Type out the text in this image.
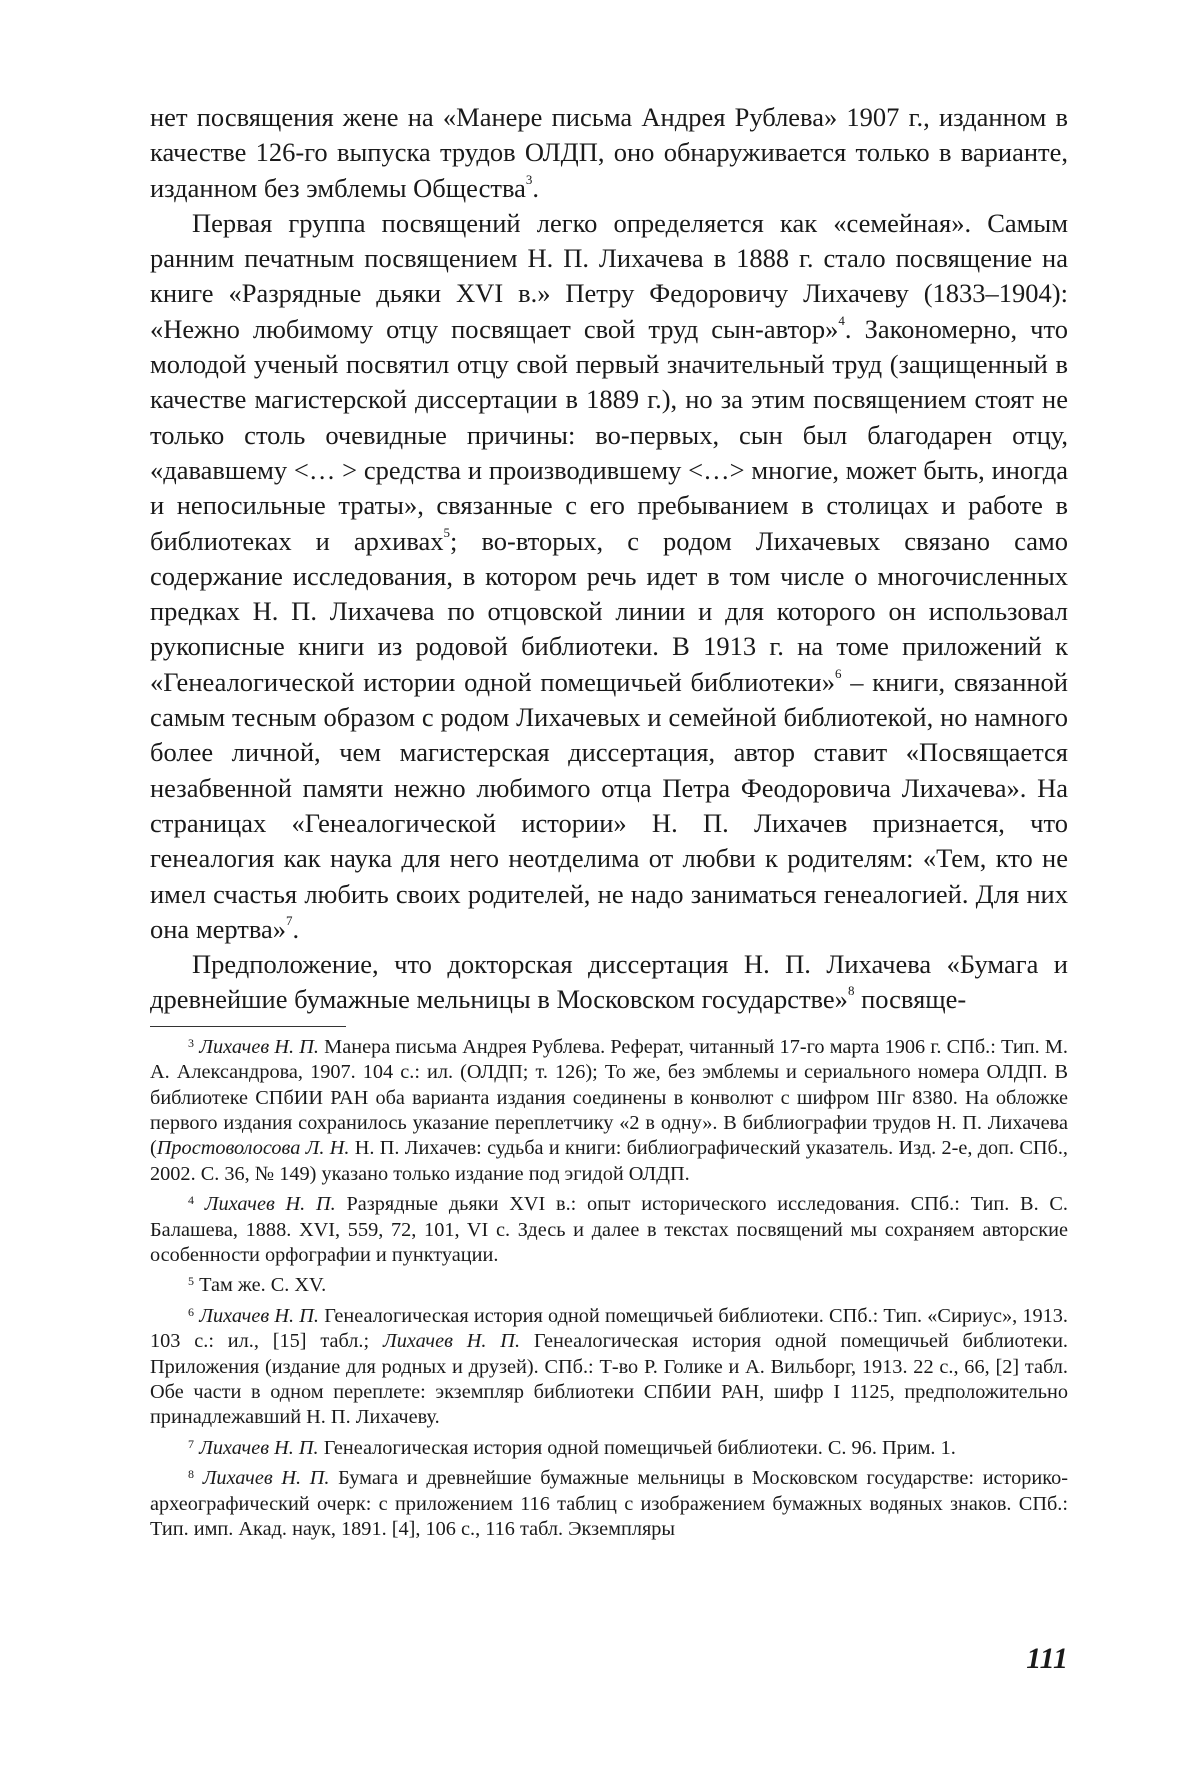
нет посвящения жене на «Манере письма Андрея Рублева» 1907 г., издан­ном в качестве 126-го выпуска трудов ОЛДП, оно обнаруживается только в варианте, изданном без эмблемы Общества3.

Первая группа посвящений легко определяется как «семейная». Самым ранним печатным посвящением Н. П. Лихачева в 1888 г. стало посвящение на книге «Разрядные дьяки XVI в.» Петру Федоровичу Лихачеву (1833–1904): «Нежно любимому отцу посвящает свой труд сын-автор»4. Закономерно, что молодой ученый посвятил отцу свой первый значительный труд (защищенный в качестве магистерской диссертации в 1889 г.), но за этим посвящением стоят не только столь очевидные причины: во-первых, сын был благодарен отцу, «дававшему <… > средства и производившему <…> многие, может быть, иногда и непосильные траты», связанные с его пребыванием в столицах и работе в библиотеках и архивах5; во-вторых, с родом Лихачевых связано само содержание исследования, в котором речь идет в том числе о многочисленных предках Н. П. Лихачева по отцовской линии и для которого он использовал рукописные книги из родовой библиотеки. В 1913 г. на томе приложений к «Генеалогической истории одной помещичьей библиотеки»6 – книги, связанной самым тесным образом с родом Лихачевых и семейной библиотекой, но намного более личной, чем магистерская диссертация, автор ставит «Посвящается незабвенной памяти нежно любимого отца Петра Феодоровича Лихачева». На страницах «Генеалогической истории» Н. П. Лихачев признается, что генеалогия как наука для него неотделима от любви к родителям: «Тем, кто не имел счастья любить своих родителей, не надо заниматься генеалогией. Для них она мертва»7.

Предположение, что докторская диссертация Н. П. Лихачева «Бумага и древнейшие бумажные мельницы в Московском государстве»8 посвяще-

3 Лихачев Н. П. Манера письма Андрея Рублева. Реферат, читанный 17-го марта 1906 г. СПб.: Тип. М. А. Александрова, 1907. 104 с.: ил. (ОЛДП; т. 126); То же, без эмблемы и сериального номера ОЛДП. В библиотеке СПбИИ РАН оба варианта издания соединены в конволют с шифром IIIг 8380. На обложке первого издания сохранилось указание переплетчику «2 в одну». В библиографии трудов Н. П. Лихачева (Простоволосова Л. Н. Н. П. Лихачев: судьба и книги: библиографический указатель. Изд. 2-е, доп. СПб., 2002. С. 36, № 149) указано только издание под эгидой ОЛДП.

4 Лихачев Н. П. Разрядные дьяки XVI в.: опыт исторического исследования. СПб.: Тип. В. С. Балашева, 1888. XVI, 559, 72, 101, VI с. Здесь и далее в текстах посвящений мы сохраняем авторские особенности орфографии и пунктуации.

5 Там же. С. XV.

6 Лихачев Н. П. Генеалогическая история одной помещичьей библиотеки. СПб.: Тип. «Сириус», 1913. 103 с.: ил., [15] табл.; Лихачев Н. П. Генеалогическая история одной помещичьей библиотеки. Приложения (издание для родных и друзей). СПб.: Т-во Р. Голике и А. Вильборг, 1913. 22 с., 66, [2] табл. Обе части в одном переплете: экземпляр библиотеки СПбИИ РАН, шифр I 1125, предположительно принадлежавший Н. П. Лихачеву.

7 Лихачев Н. П. Генеалогическая история одной помещичьей библиотеки. С. 96. Прим. 1.

8 Лихачев Н. П. Бумага и древнейшие бумажные мельницы в Московском государстве: историко-археографический очерк: с приложением 116 таблиц с изображением бумажных водяных знаков. СПб.: Тип. имп. Акад. наук, 1891. [4], 106 с., 116 табл. Экземпляры

111
